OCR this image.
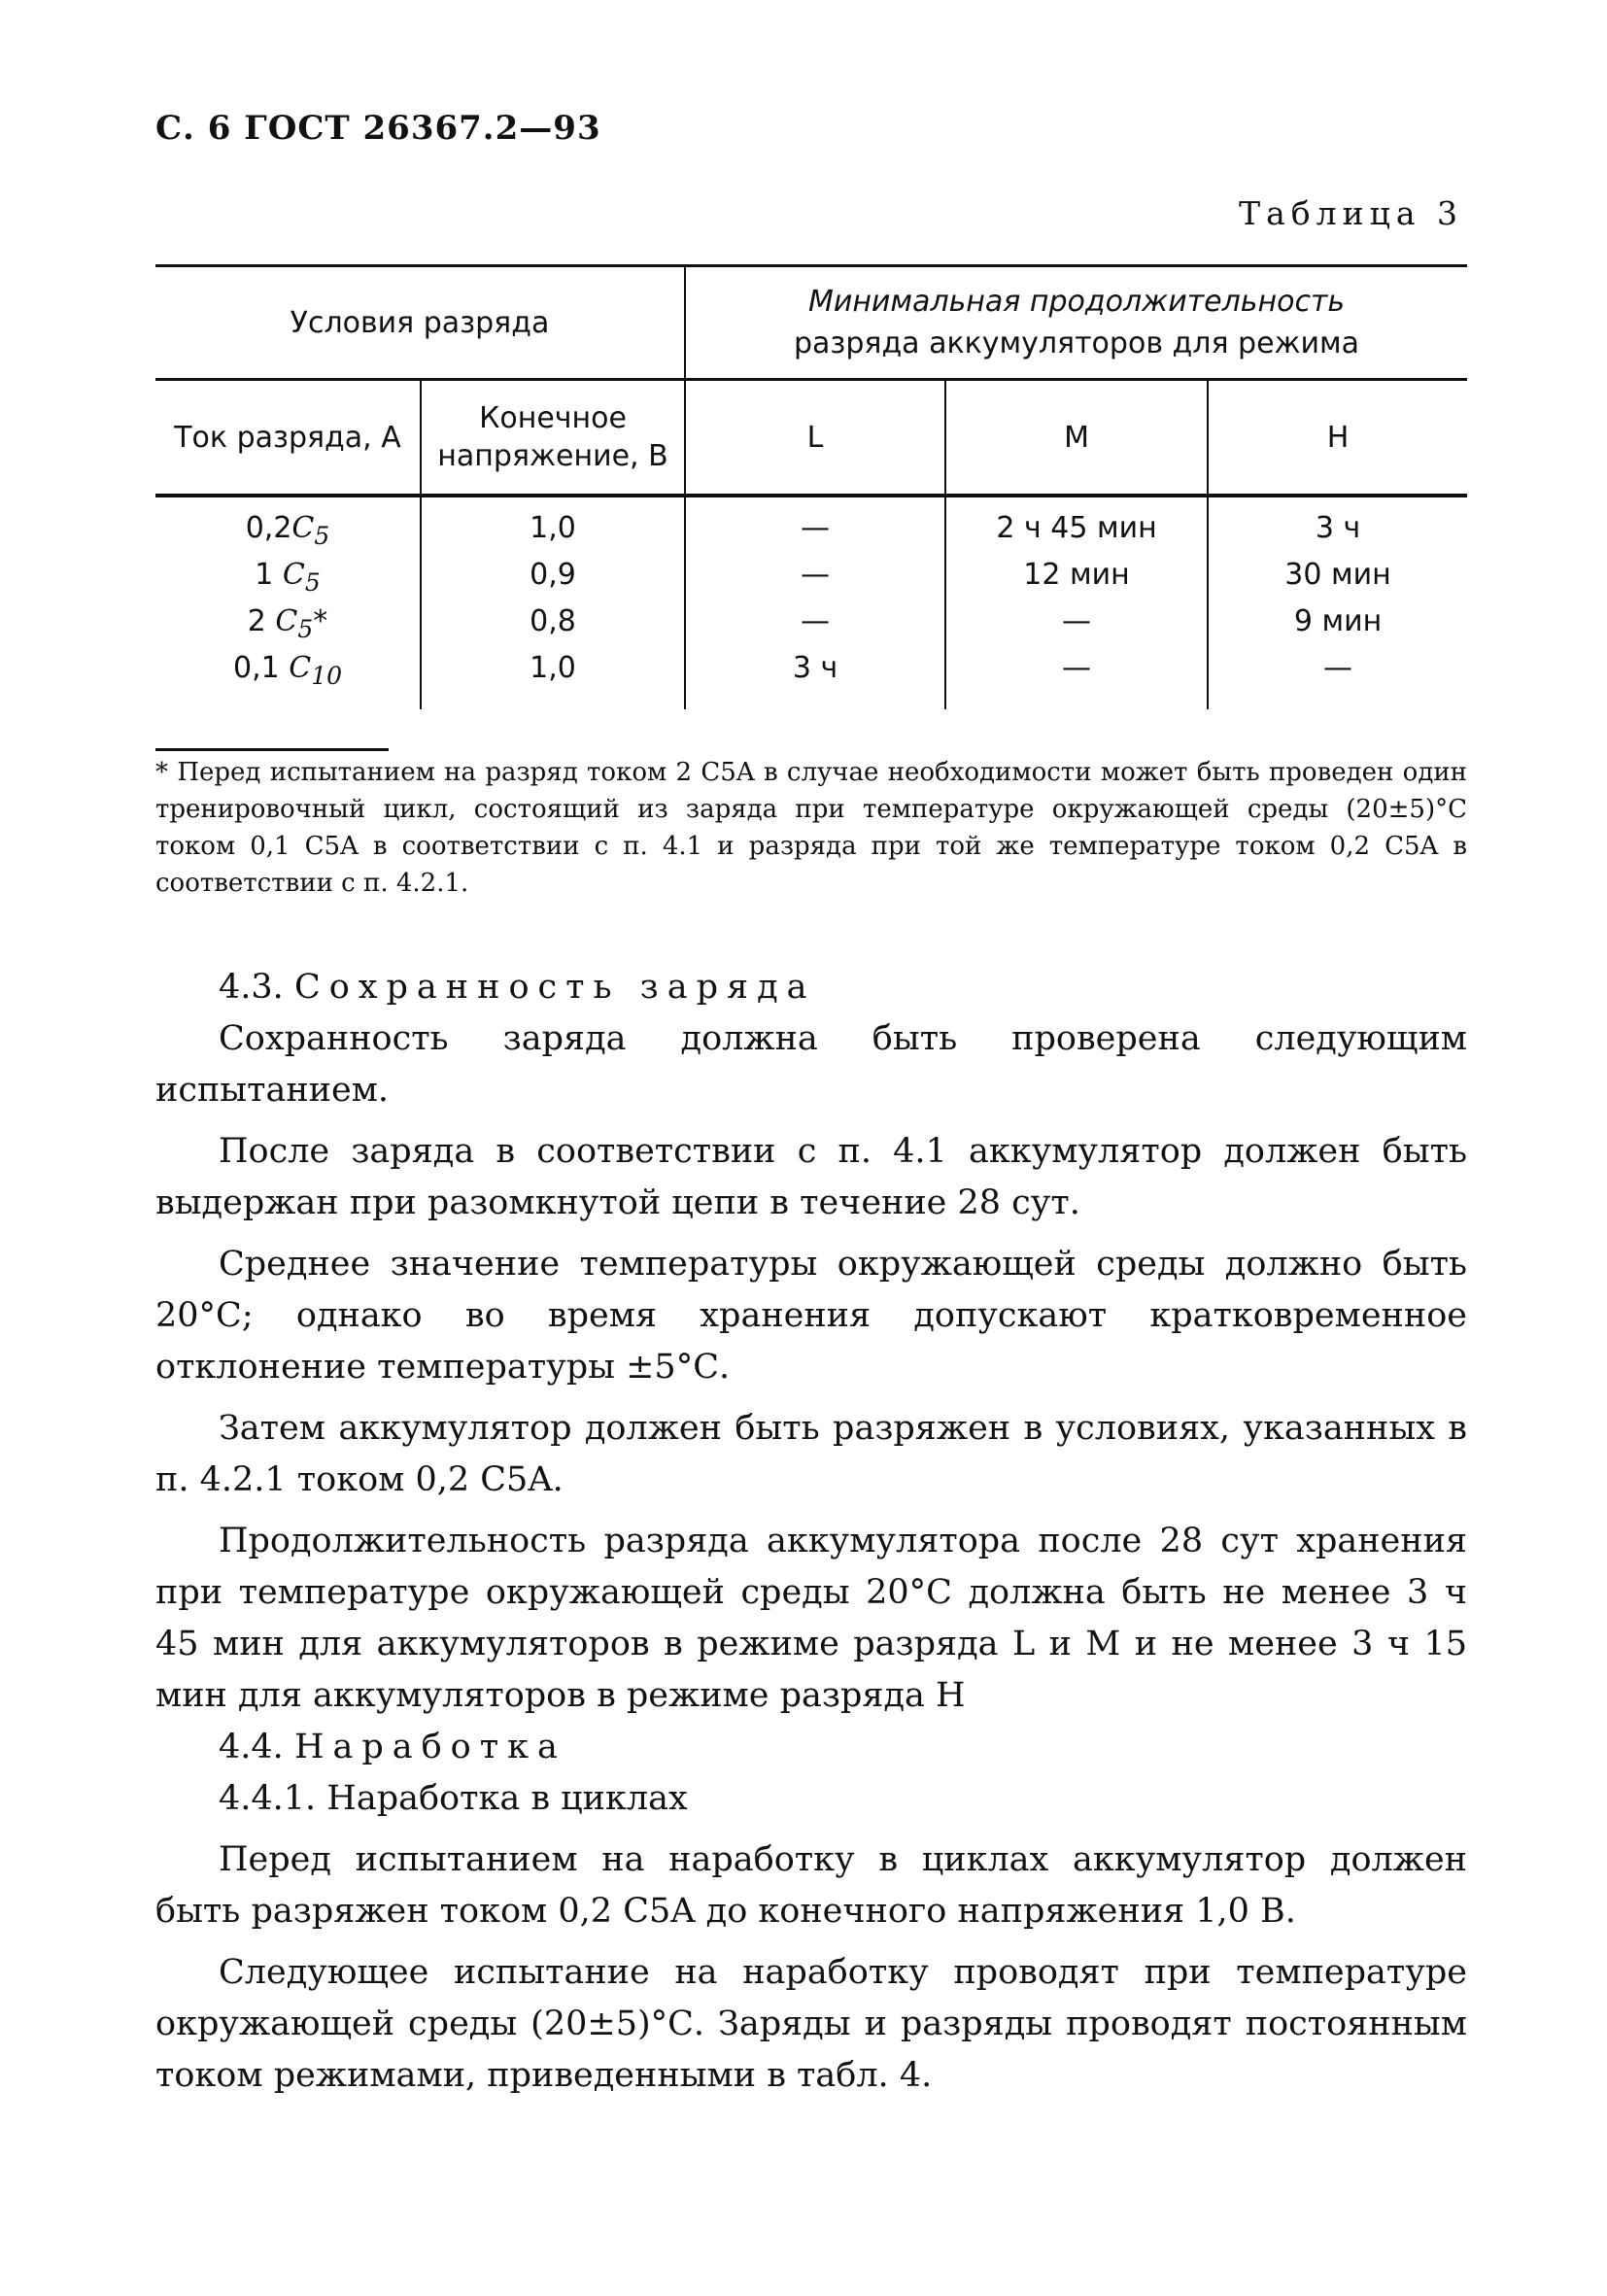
С. 6 ГОСТ 26367.2—93
Таблица 3
Условия разряда		Минимальная продолжительность
разряда аккумуляторов для режима		
Ток разряда, А	Конечное
напряжение, В	L	М	Н
$0,2C_5$	1,0	—	2 ч 45 мин	3 ч
1 $C_5$	0,9	—	12 мин	30 мин
2 $C_5*$	0,8	—	—	9 мин
0,1 $C_{10}$	1,0	3 ч	—	—
* Перед испытанием на разряд током 2 C5A в случае необходимости может быть проведен один тренировочный цикл, состоящий из заряда при температуре окружающей среды (20±5)°С током 0,1 C5A в соответствии с п. 4.1 и разряда при той же температуре током 0,2 C5A в соответствии с п. 4.2.1.

4.3. Сохранность заряда

Сохранность заряда должна быть проверена следующим испытанием.

После заряда в соответствии с п. 4.1 аккумулятор должен быть выдержан при разомкнутой цепи в течение 28 сут.

Среднее значение температуры окружающей среды должно быть 20°С; однако во время хранения допускают кратковременное отклонение температуры ±5°С.

Затем аккумулятор должен быть разряжен в условиях, указанных в п. 4.2.1 током 0,2 C5A.

Продолжительность разряда аккумулятора после 28 сут хранения при температуре окружающей среды 20°С должна быть не менее 3 ч 45 мин для аккумуляторов в режиме разряда L и М и не менее 3 ч 15 мин для аккумуляторов в режиме разряда Н

4.4. Наработка

4.4.1. Наработка в циклах

Перед испытанием на наработку в циклах аккумулятор должен быть разряжен током 0,2 C5A до конечного напряжения 1,0 В.

Следующее испытание на наработку проводят при температуре окружающей среды (20±5)°С. Заряды и разряды проводят постоянным током режимами, приведенными в табл. 4.
